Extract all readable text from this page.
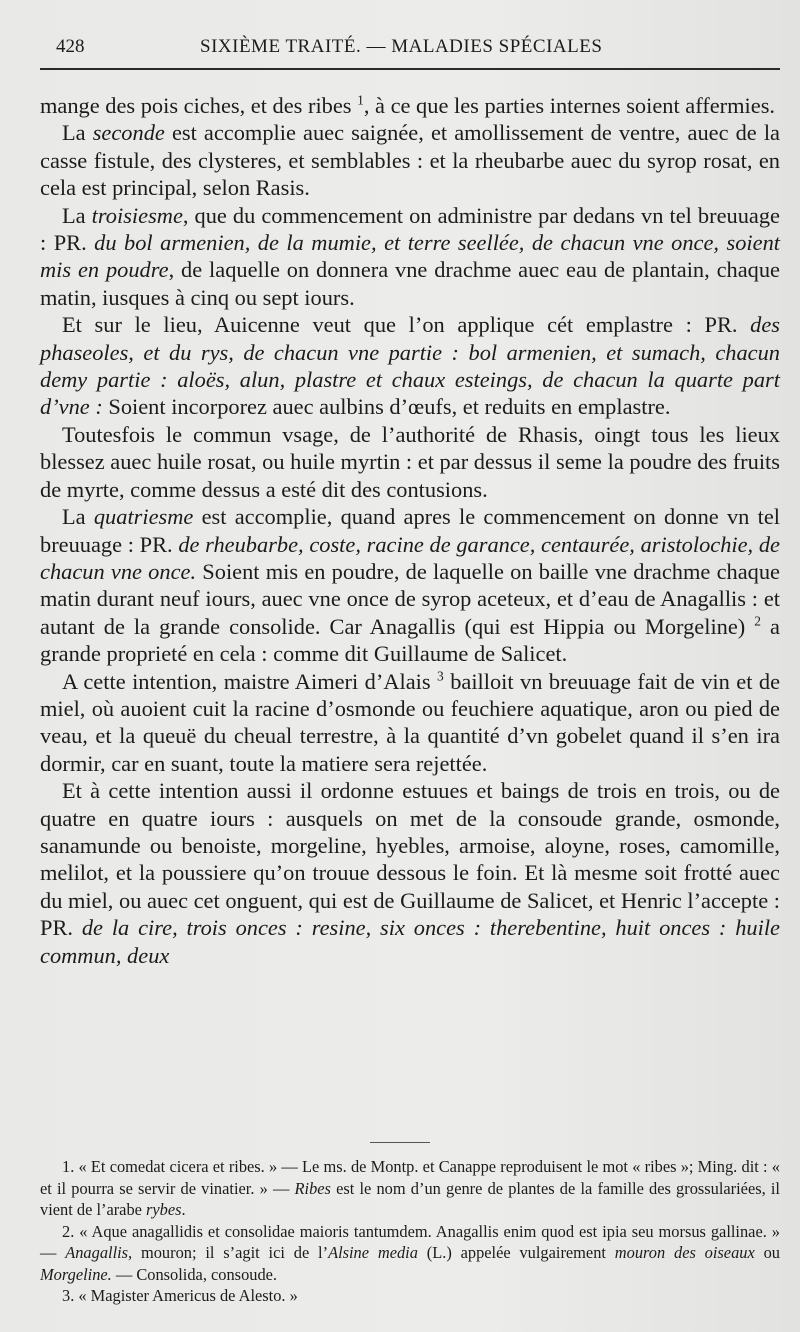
428	SIXIÈME TRAITÉ. — MALADIES SPÉCIALES

mange des pois ciches, et des ribes $^1$, à ce que les parties internes soient affermies.

La seconde est accomplie auec saignée, et amollissement de ventre, auec de la casse fistule, des clysteres, et semblables : et la rheubarbe auec du syrop rosat, en cela est principal, selon Rasis.

La troisiesme, que du commencement on administre par dedans vn tel breuuage : PR. du bol armenien, de la mumie, et terre seellée, de chacun vne once, soient mis en poudre, de laquelle on donnera vne drachme auec eau de plantain, chaque matin, iusques à cinq ou sept iours.

Et sur le lieu, Auicenne veut que l’on applique cét emplastre : PR. des phaseoles, et du rys, de chacun vne partie : bol armenien, et sumach, chacun demy partie : aloës, alun, plastre et chaux esteings, de chacun la quarte part d’vne : Soient incorporez auec aulbins d’œufs, et reduits en emplastre.

Toutesfois le commun vsage, de l’authorité de Rhasis, oingt tous les lieux blessez auec huile rosat, ou huile myrtin : et par dessus il seme la poudre des fruits de myrte, comme dessus a esté dit des contusions.

La quatriesme est accomplie, quand apres le commencement on donne vn tel breuuage : PR. de rheubarbe, coste, racine de garance, centaurée, aristolochie, de chacun vne once. Soient mis en poudre, de laquelle on baille vne drachme chaque matin durant neuf iours, auec vne once de syrop aceteux, et d’eau de Anagallis : et autant de la grande consolide. Car Anagallis (qui est Hippia ou Morgeline) $^2$ a grande proprieté en cela : comme dit Guillaume de Salicet.

A cette intention, maistre Aimeri d’Alais $^3$ bailloit vn breuuage fait de vin et de miel, où auoient cuit la racine d’osmonde ou feuchiere aquatique, aron ou pied de veau, et la queuë du cheual terrestre, à la quantité d’vn gobelet quand il s’en ira dormir, car en suant, toute la matiere sera rejettée.

Et à cette intention aussi il ordonne estuues et baings de trois en trois, ou de quatre en quatre iours : ausquels on met de la consoude grande, osmonde, sanamunde ou benoiste, morgeline, hyebles, armoise, aloyne, roses, camomille, melilot, et la poussiere qu’on trouue dessous le foin. Et là mesme soit frotté auec du miel, ou auec cet onguent, qui est de Guillaume de Salicet, et Henric l’accepte : PR. de la cire, trois onces : resine, six onces : therebentine, huit onces : huile commun, deux

1. « Et comedat cicera et ribes. » — Le ms. de Montp. et Canappe reproduisent le mot « ribes »; Ming. dit : « et il pourra se servir de vinatier. » — Ribes est le nom d’un genre de plantes de la famille des grossulariées, il vient de l’arabe rybes.

2. « Aque anagallidis et consolidae maioris tantumdem. Anagallis enim quod est ipia seu morsus gallinae. » — Anagallis, mouron; il s’agit ici de l’Alsine media (L.) appelée vulgairement mouron des oiseaux ou Morgeline. — Consolida, consoude.

3. « Magister Americus de Alesto. »
